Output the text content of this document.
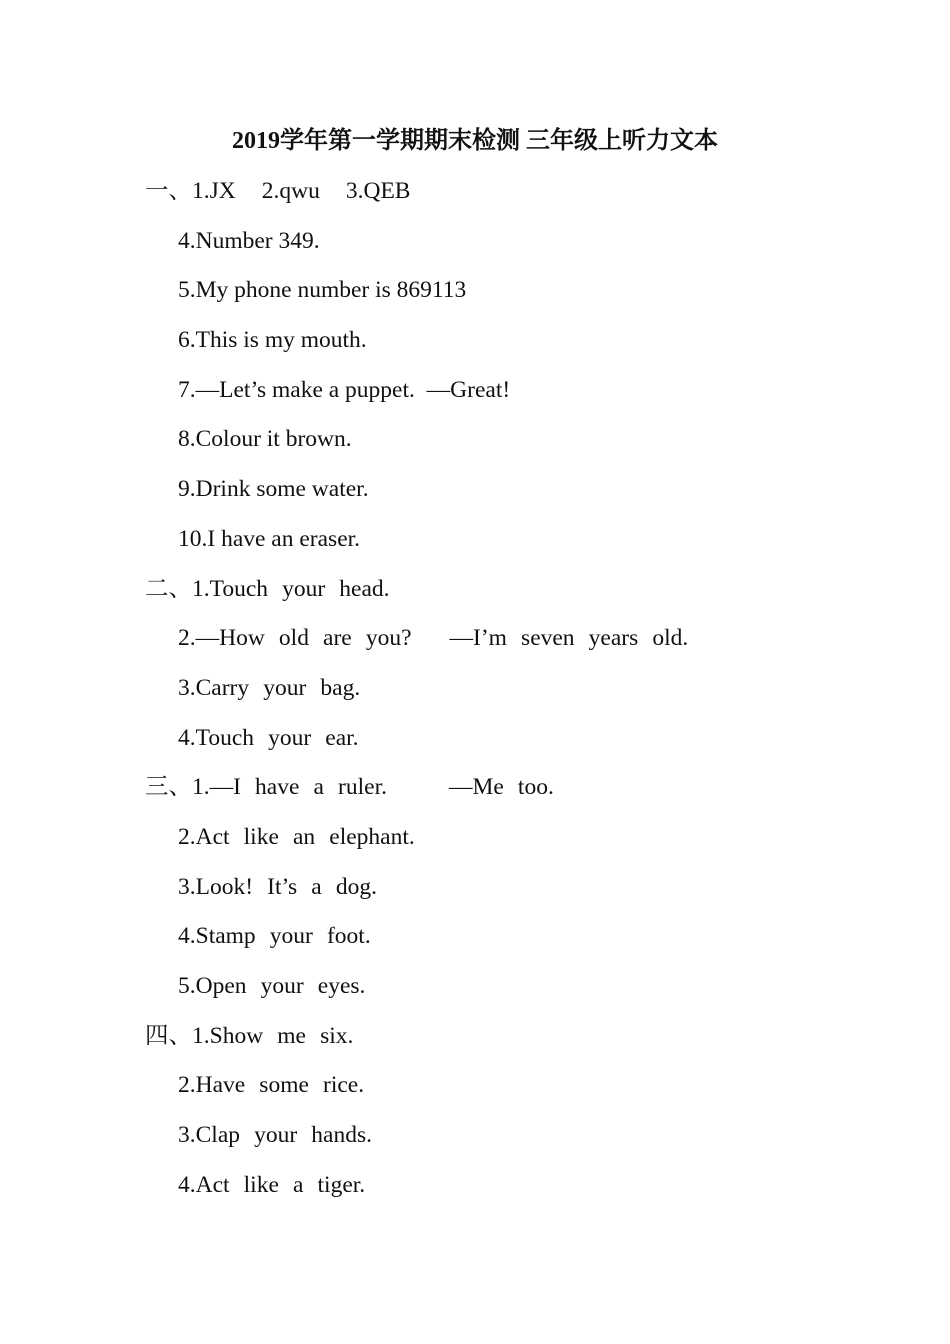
2019学年第一学期期末检测 三年级上听力文本
一、1.JX 2.qwu 3.QEB
4.Number 349.
5.My phone number is 869113
6.This is my mouth.
7.—Let’s make a puppet. —Great!
8.Colour it brown.
9.Drink some water.
10.I have an eraser.
二、1.Touch your head.
2.—How old are you? —I’m seven years old.
3.Carry your bag.
4.Touch your ear.
三、1.—I have a ruler.	—Me too.
2.Act like an elephant.
3.Look! It’s a dog.
4.Stamp your foot.
5.Open your eyes.
四、1.Show me six.
2.Have some rice.
3.Clap your hands.
4.Act like a tiger.
